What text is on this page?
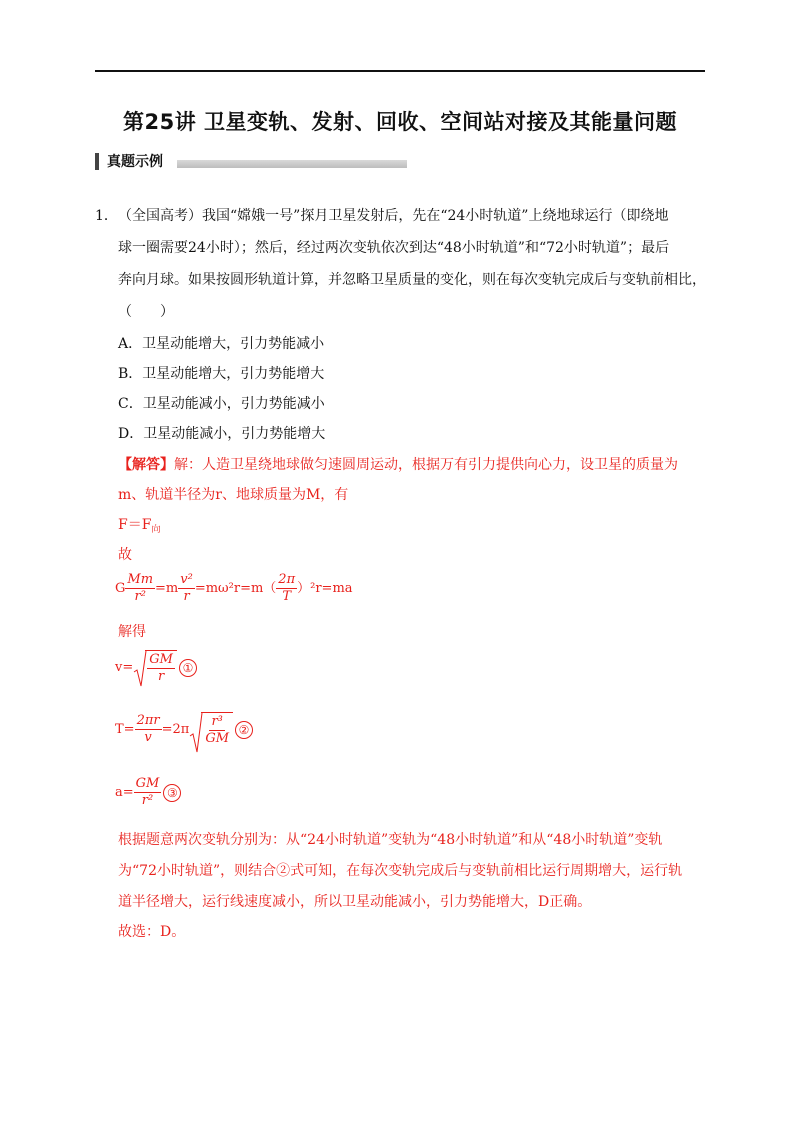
第25讲 卫星变轨、发射、回收、空间站对接及其能量问题
真题示例
1． （全国高考）我国“嫦娥一号”探月卫星发射后，先在“24小时轨道”上绕地球运行（即绕地
球一圈需要24小时）；然后，经过两次变轨依次到达“48小时轨道”和“72小时轨道”；最后
奔向月球。如果按圆形轨道计算，并忽略卫星质量的变化，则在每次变轨完成后与变轨前相比，
（　　）
A．卫星动能增大，引力势能减小
B．卫星动能增大，引力势能增大
C．卫星动能减小，引力势能减小
D．卫星动能减小，引力势能增大
【解答】解：人造卫星绕地球做匀速圆周运动，根据万有引力提供向心力，设卫星的质量为
m、轨道半径为r、地球质量为M，有
$F=F_向$
故
G $\frac{Mm}{\text{r²}} =m \frac{\text{v²}}{r} =m\omega^2r=m( \frac{2\pi}{T} )^2r=ma$
解得
$v= \frac{GM}{r}$ ①
$T= \frac{2\pi r}{v} =2\pi \frac{\text{r³}}{GM}$ ②
$a= \frac{GM}{\text{r²}}$ ③
根据题意两次变轨分别为：从“24小时轨道”变轨为“48小时轨道”和从“48小时轨道”变轨
为“72小时轨道”，则结合②式可知，在每次变轨完成后与变轨前相比运行周期增大，运行轨
道半径增大，运行线速度减小，所以卫星动能减小，引力势能增大，D正确。
故选：D。
